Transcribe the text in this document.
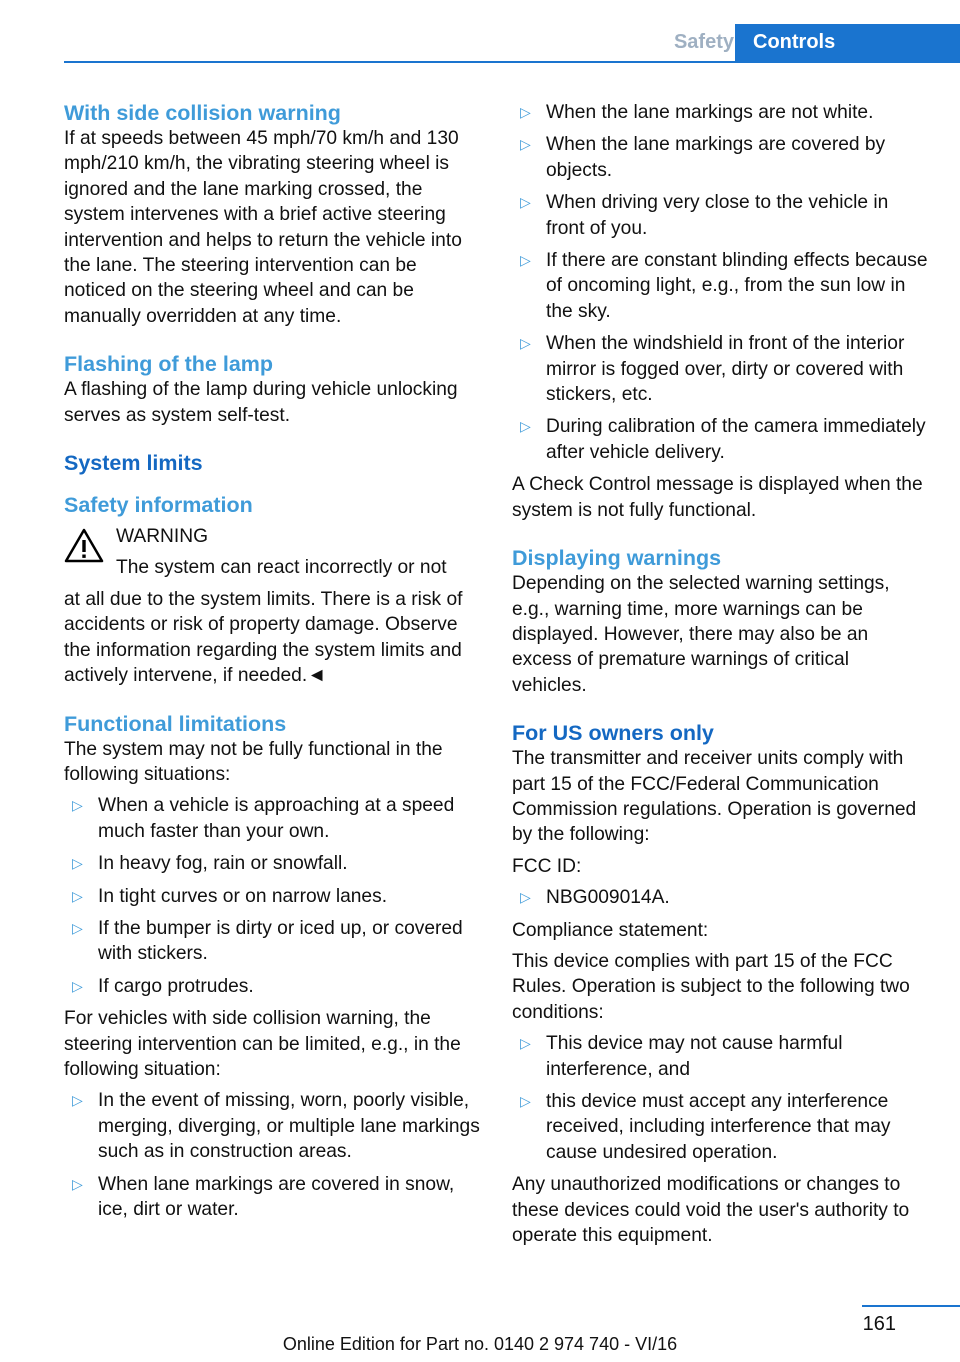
Safety Controls
With side collision warning

If at speeds between 45 mph/70 km/h and 130 mph/210 km/h, the vibrating steering wheel is ignored and the lane marking crossed, the system intervenes with a brief active steering intervention and helps to return the vehicle into the lane. The steering intervention can be noticed on the steering wheel and can be manually overridden at any time.

Flashing of the lamp

A flashing of the lamp during vehicle unlocking serves as system self-test.

System limits
Safety information

WARNING

The system can react incorrectly or not

at all due to the system limits. There is a risk of accidents or risk of property damage. Observe the information regarding the system limits and actively intervene, if needed.◄

Functional limitations

The system may not be fully functional in the following situations:

▷ When a vehicle is approaching at a speed much faster than your own.
▷ In heavy fog, rain or snowfall.
▷ In tight curves or on narrow lanes.
▷ If the bumper is dirty or iced up, or covered with stickers.
▷ If cargo protrudes.

For vehicles with side collision warning, the steering intervention can be limited, e.g., in the following situation:

▷ In the event of missing, worn, poorly visible, merging, diverging, or multiple lane markings such as in construction areas.
▷ When lane markings are covered in snow, ice, dirt or water.
▷ When the lane markings are not white.
▷ When the lane markings are covered by objects.
▷ When driving very close to the vehicle in front of you.
▷ If there are constant blinding effects because of oncoming light, e.g., from the sun low in the sky.
▷ When the windshield in front of the interior mirror is fogged over, dirty or covered with stickers, etc.
▷ During calibration of the camera immediately after vehicle delivery.

A Check Control message is displayed when the system is not fully functional.

Displaying warnings

Depending on the selected warning settings, e.g., warning time, more warnings can be displayed. However, there may also be an excess of premature warnings of critical vehicles.

For US owners only

The transmitter and receiver units comply with part 15 of the FCC/Federal Communication Commission regulations. Operation is governed by the following:

FCC ID:

▷ NBG009014A.

Compliance statement:

This device complies with part 15 of the FCC Rules. Operation is subject to the following two conditions:

▷ This device may not cause harmful interference, and
▷ this device must accept any interference received, including interference that may cause undesired operation.

Any unauthorized modifications or changes to these devices could void the user's authority to operate this equipment.

161
Online Edition for Part no. 0140 2 974 740 - VI/16
